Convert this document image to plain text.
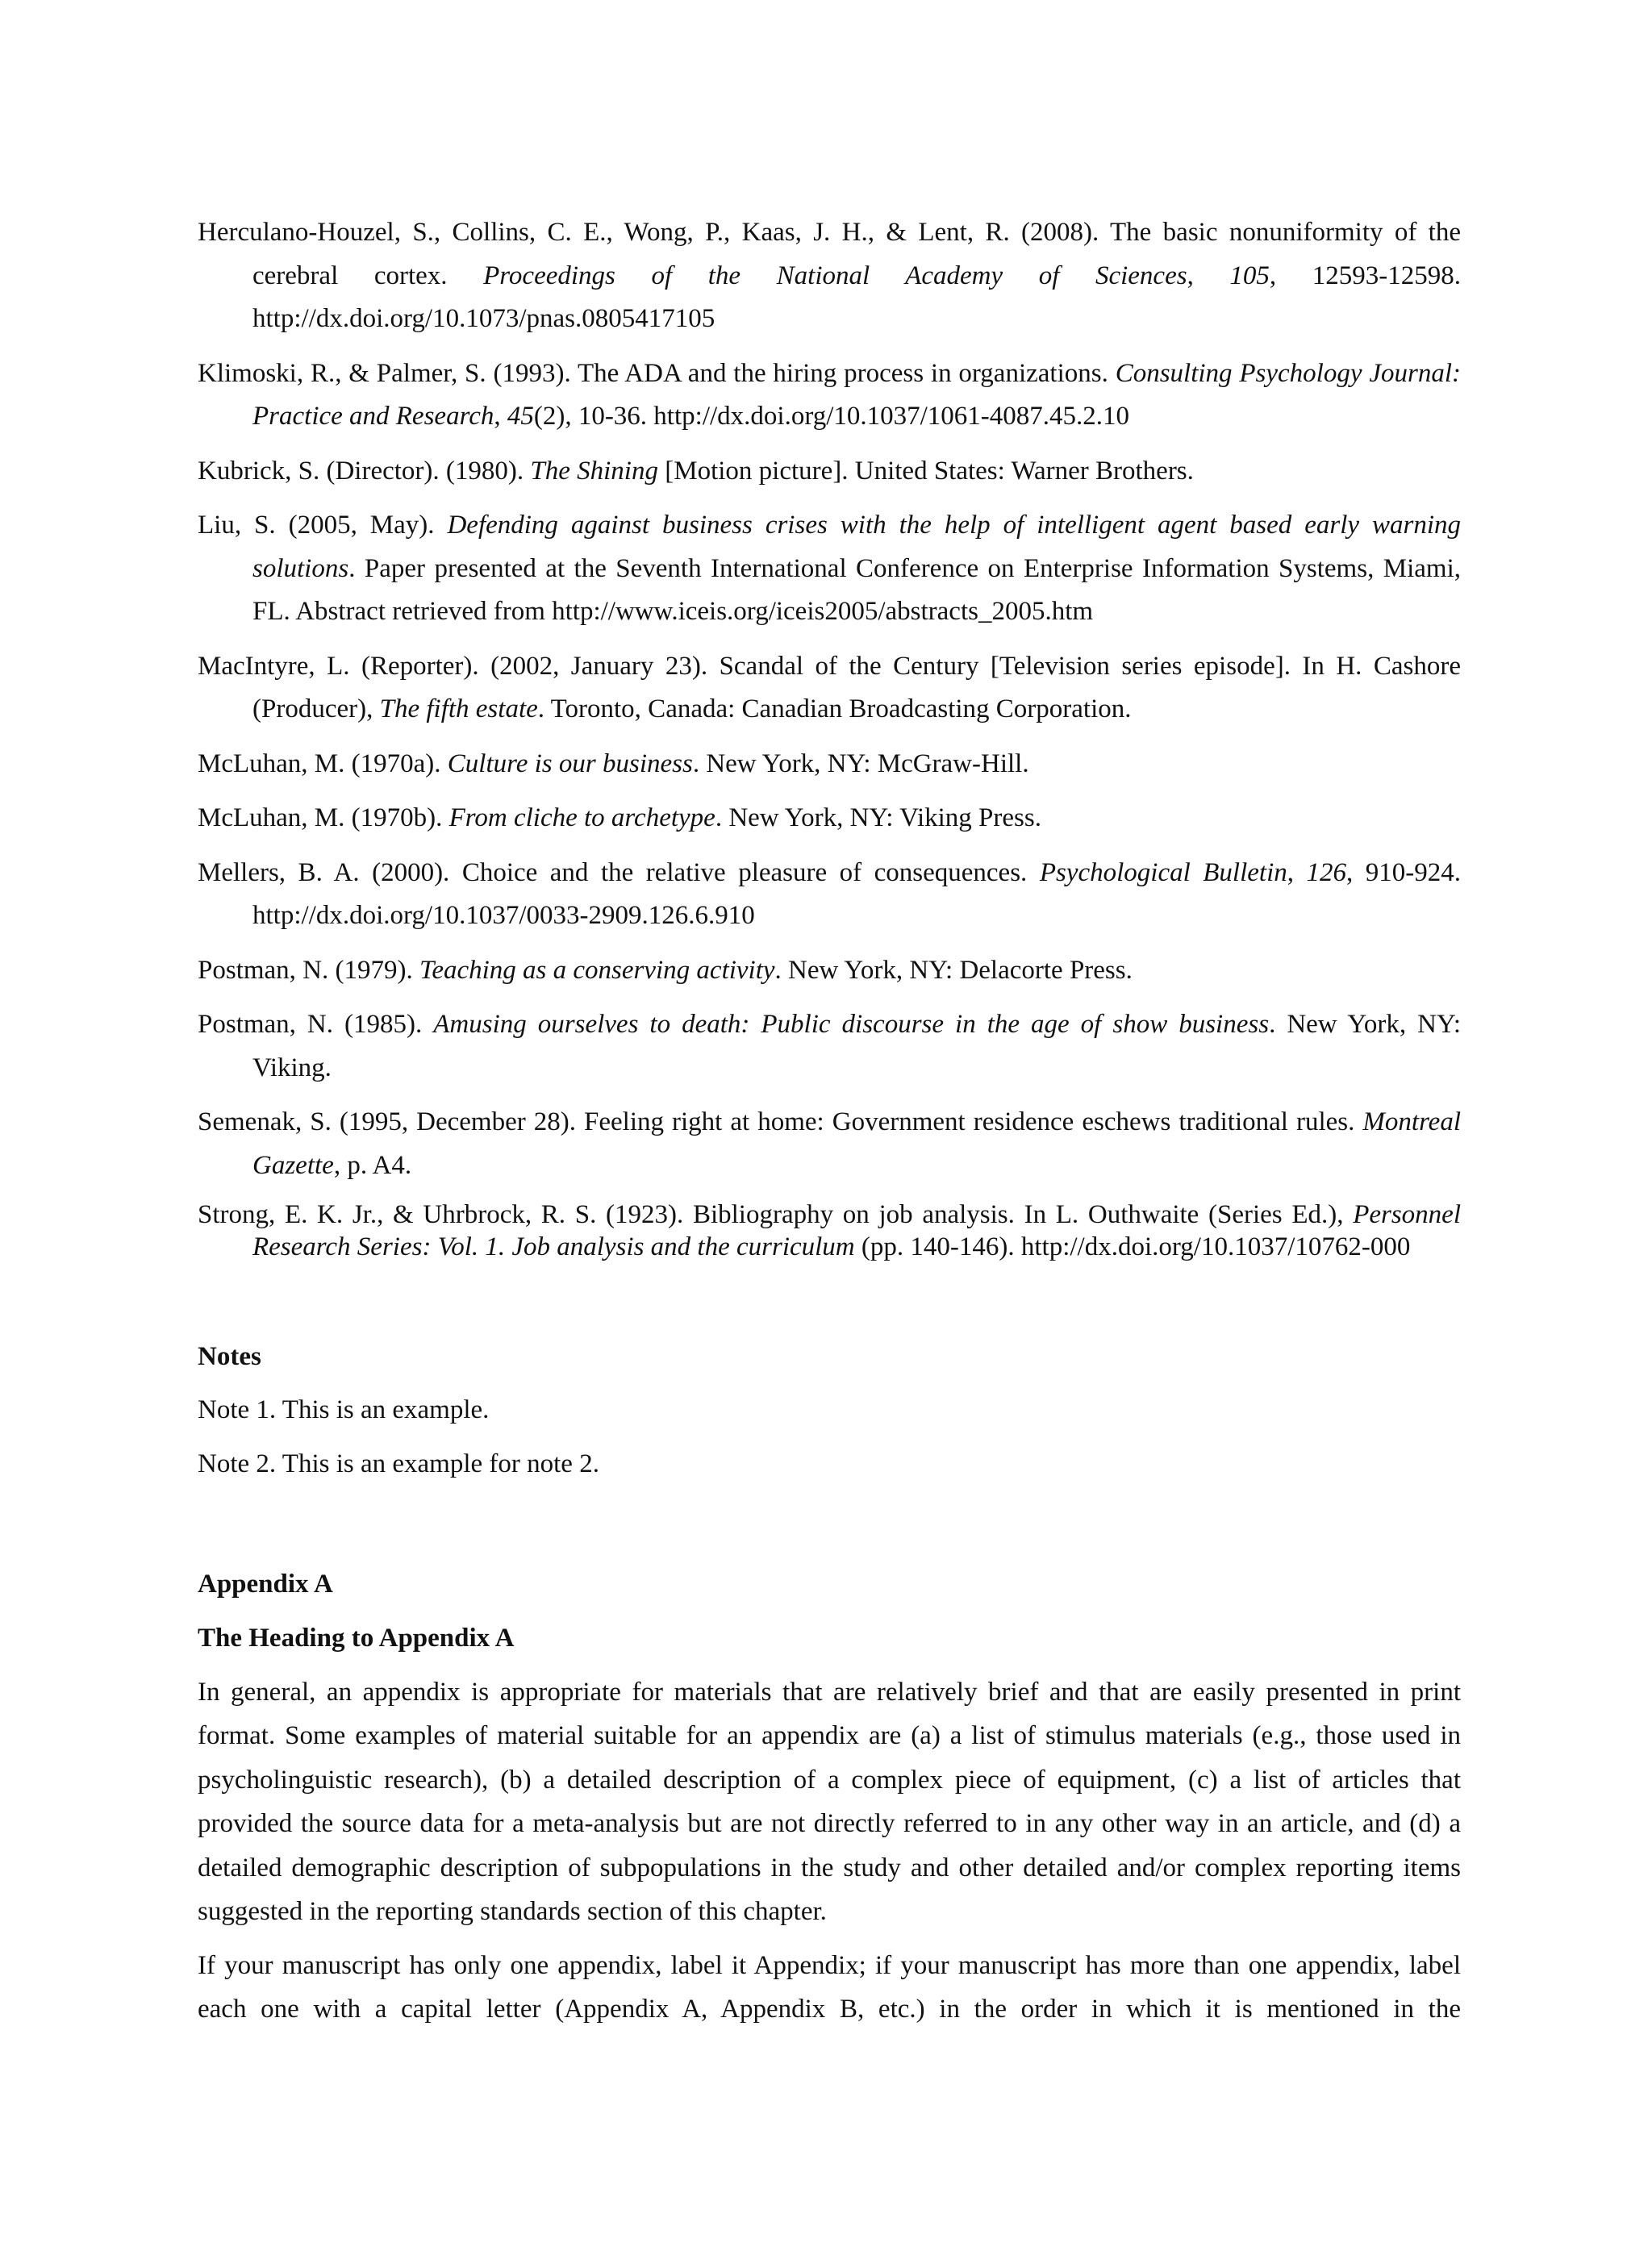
Herculano-Houzel, S., Collins, C. E., Wong, P., Kaas, J. H., & Lent, R. (2008). The basic nonuniformity of the cerebral cortex. Proceedings of the National Academy of Sciences, 105, 12593-12598. http://dx.doi.org/10.1073/pnas.0805417105

Klimoski, R., & Palmer, S. (1993). The ADA and the hiring process in organizations. Consulting Psychology Journal: Practice and Research, 45(2), 10-36. http://dx.doi.org/10.1037/1061-4087.45.2.10

Kubrick, S. (Director). (1980). The Shining [Motion picture]. United States: Warner Brothers.

Liu, S. (2005, May). Defending against business crises with the help of intelligent agent based early warning solutions. Paper presented at the Seventh International Conference on Enterprise Information Systems, Miami, FL. Abstract retrieved from http://www.iceis.org/iceis2005/abstracts_2005.htm

MacIntyre, L. (Reporter). (2002, January 23). Scandal of the Century [Television series episode]. In H. Cashore (Producer), The fifth estate. Toronto, Canada: Canadian Broadcasting Corporation.

McLuhan, M. (1970a). Culture is our business. New York, NY: McGraw-Hill.

McLuhan, M. (1970b). From cliche to archetype. New York, NY: Viking Press.

Mellers, B. A. (2000). Choice and the relative pleasure of consequences. Psychological Bulletin, 126, 910-924. http://dx.doi.org/10.1037/0033-2909.126.6.910

Postman, N. (1979). Teaching as a conserving activity. New York, NY: Delacorte Press.

Postman, N. (1985). Amusing ourselves to death: Public discourse in the age of show business. New York, NY: Viking.

Semenak, S. (1995, December 28). Feeling right at home: Government residence eschews traditional rules. Montreal Gazette, p. A4.

Strong, E. K. Jr., & Uhrbrock, R. S. (1923). Bibliography on job analysis. In L. Outhwaite (Series Ed.), Personnel Research Series: Vol. 1. Job analysis and the curriculum (pp. 140-146). http://dx.doi.org/10.1037/10762-000

Notes

Note 1. This is an example.

Note 2. This is an example for note 2.

Appendix A
The Heading to Appendix A

In general, an appendix is appropriate for materials that are relatively brief and that are easily presented in print format. Some examples of material suitable for an appendix are (a) a list of stimulus materials (e.g., those used in psycholinguistic research), (b) a detailed description of a complex piece of equipment, (c) a list of articles that provided the source data for a meta-analysis but are not directly referred to in any other way in an article, and (d) a detailed demographic description of subpopulations in the study and other detailed and/or complex reporting items suggested in the reporting standards section of this chapter.

If your manuscript has only one appendix, label it Appendix; if your manuscript has more than one appendix, label each one with a capital letter (Appendix A, Appendix B, etc.) in the order in which it is mentioned in the
